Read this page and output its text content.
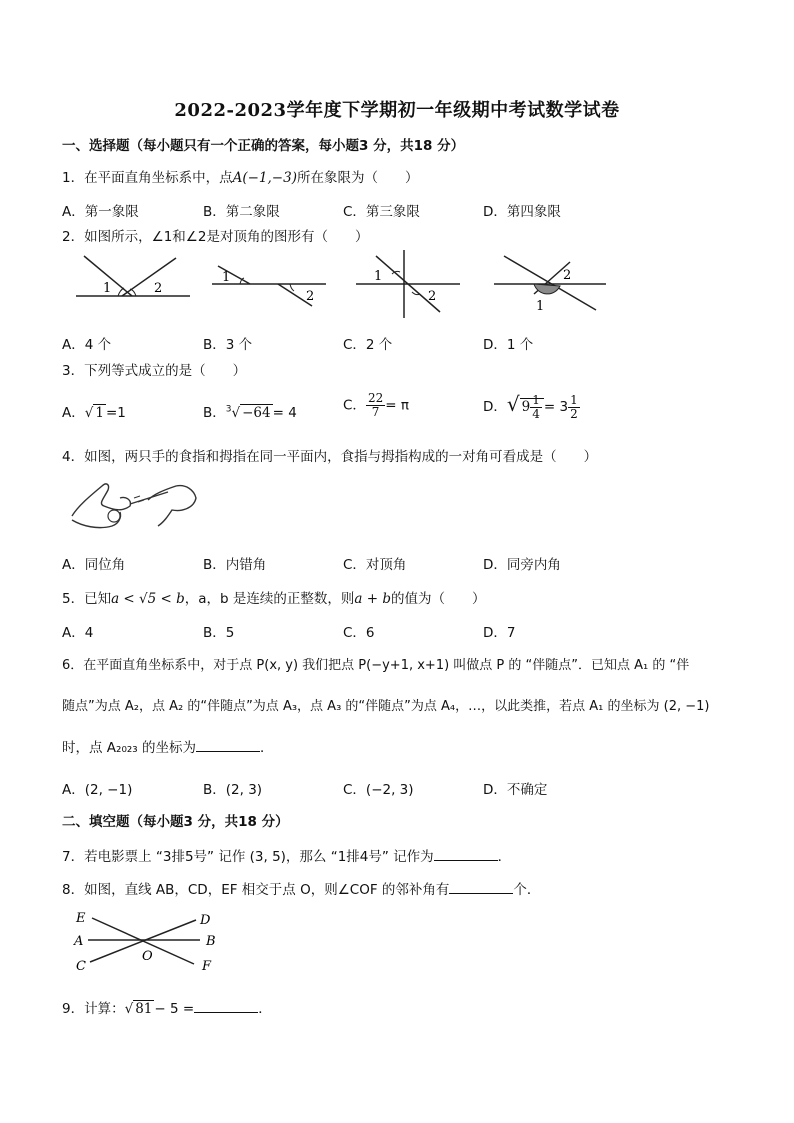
2022-2023学年度下学期初一年级期中考试数学试卷
一、选择题（每小题只有一个正确的答案，每小题3 分，共18 分）
1．在平面直角坐标系中，点A(−1,−3)所在象限为（　　）
A．第一象限	B．第二象限	C．第三象限	D．第四象限
2．如图所示，∠1和∠2是对顶角的图形有（　　）
1	2
1
2
1
2
2
1
A．4 个	B．3 个	C．2 个	D．1 个
3．下列等式成立的是（　　）
A．√ 1 =1	B．$^3$√ −64 = 4	C． $\frac{22}{7} = \pi$	D．√ $9 \frac{1}{4} = 3 \frac{1}{2}$
4．如图，两只手的食指和拇指在同一平面内，食指与拇指构成的一对角可看成是（　　）
A．同位角	B．内错角	C．对顶角	D．同旁内角
5．已知a < √5 < b，a，b 是连续的正整数，则a + b的值为（　　）
A．4	B．5	C．6	D．7
6．在平面直角坐标系中，对于点 P(x, y) 我们把点 P(−y+1, x+1) 叫做点 P 的 “伴随点”．已知点 A₁ 的 “伴
随点”为点 A₂，点 A₂ 的“伴随点”为点 A₃，点 A₃ 的“伴随点”为点 A₄，…，以此类推，若点 A₁ 的坐标为 (2, −1)
时，点 A₂₀₂₃ 的坐标为	．
A．(2, −1)	B．(2, 3)	C．(−2, 3)	D．不确定
二、填空题（每小题3 分，共18 分）
7．若电影票上 “3排5号” 记作 (3, 5)，那么 “1排4号” 记作为	．
8．如图，直线 AB，CD，EF 相交于点 O，则∠COF 的邻补角有	个．
E	D
A	B
C	F
O
9．计算：√ 81 − 5 =	．
